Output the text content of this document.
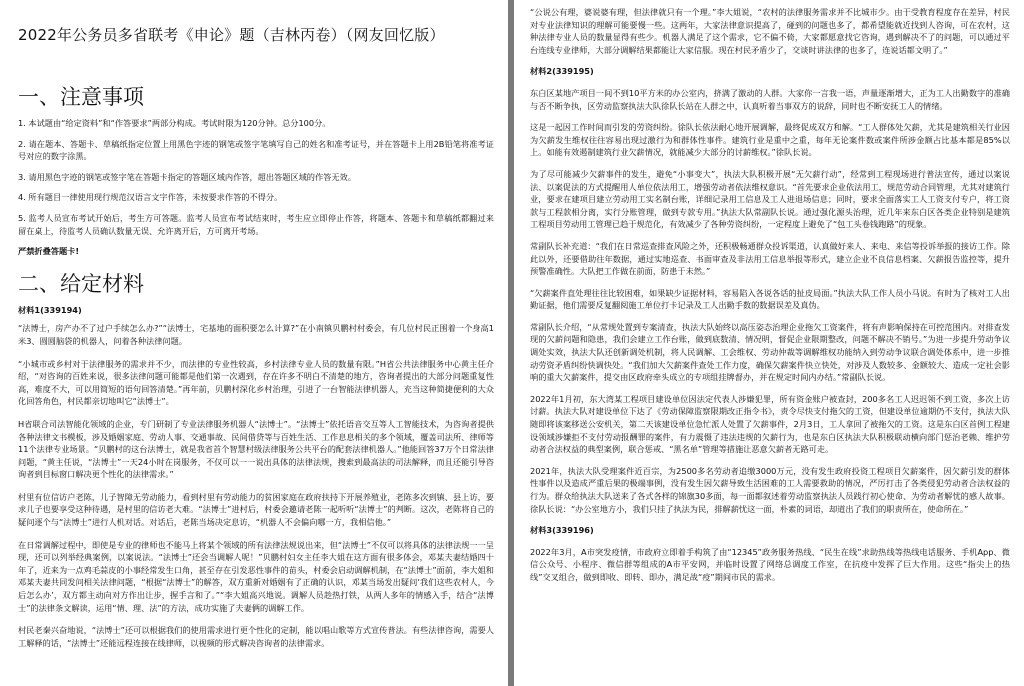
2022年公务员多省联考《申论》题（吉林丙卷）（网友回忆版）
一、注意事项

1. 本试题由“给定资料”和“作答要求”两部分构成。考试时限为120分钟。总分100分。

2. 请在题本、答题卡、草稿纸指定位置上用黑色字迹的钢笔或签字笔填写自己的姓名和准考证号，并在答题卡上用2B铅笔将准考证号对应的数字涂黑。

3. 请用黑色字迹的钢笔或签字笔在答题卡指定的答题区域内作答，超出答题区域的作答无效。

4. 所有题目一律使用现行规范汉语言文字作答，未按要求作答的不得分。

5. 监考人员宣布考试开始后，考生方可答题。监考人员宣布考试结束时，考生应立即停止作答，将题本、答题卡和草稿纸都翻过来留在桌上，待监考人员确认数量无误、允许离开后，方可离开考场。

严禁折叠答题卡!

二、给定材料

材料1(339194)

“法博士，房产办不了过户手续怎么办?”“法博士，宅基地的面积要怎么计算?”在小南镇贝鹏村村委会，有几位村民正围着一个身高1米3、圆圆脑袋的机器人，问着各种法律问题。

“小城市或乡村对于法律服务的需求并不少，而法律的专业性较高，乡村法律专业人员的数量有限。”H省公共法律服务中心黄主任介绍，“对咨询的百姓来说，很多法律问题可能都是他们第一次遇到，存在许多不明白不清楚的地方，咨询者提出的大部分问题重复性高，难度不大，可以用简短的语句回答清楚。”再年前，贝鹏村深化乡村治理，引进了一台智能法律机器人，充当这种简捷便利的大众化回答角色，村民都亲切地叫它“法博士”。

H省联合司法智能化领域的企业，专门研制了专业法律服务机器人“法博士”。“法博士”依托语音交互等人工智能技术，为咨询者提供各种法律文书模板，涉及婚姻家庭、劳动人事、交通事故、民间借贷等与百姓生活、工作息息相关的多个领域，覆盖司法所、律师等11个法律专业场景。“贝鹏村的这台法博士，就是我省首个智慧村级法律服务公共平台的配套法律机器人。”他能回答37万个日常法律问题，“黄主任说，“法博士”一天24小时在岗服务，不仅可以一一说出具体的法律法规，搜索到最高法的司法解释，而且还能引导咨询者到目标窗口解决更个性化的法律需求。”

村里有位信访户老陈，儿子智障无劳动能力，看到村里有劳动能力的贫困家庭在政府扶持下开展养殖业，老陈多次到镇、县上访，要求儿子也要享受这种待遇，是村里的信访老大难。“法博士”进村后，村委会邀请老陈一起听听“法博士”的判断。这次，老陈将自己的疑问逐个与“法博士”进行人机对话。对话后，老陈当场决定息访，“机器人不会偏向哪一方，我相信他。”

在日常调解过程中，即使是专业的律师也不能马上将某个领域的所有法律法规说出来，但“法博士”不仅可以将具体的法律法规一一呈现，还可以列举经典案例，以案说法。“法博士”还会当调解人呢！”贝鹏村妇女主任李大姐在这方面有很多体会，邓某夫妻结婚四十年了，近来为一点鸡毛蒜皮的小事经常发生口角，甚至存在引发恶性事件的苗头，村委会启动调解机制，在“法博士”面前，李大姐和邓某夫妻共同发问相关法律问题，“根据“法博士”的解答，双方重新对婚姻有了正确的认识，邓某当场发出疑问‘我们这些农村人，今后怎么办’，双方都主动向对方作出让步，握手言和了。”“李大姐高兴地说。调解人员趁热打铁，从两人多年的情感入手，结合“法博士”的法律条文解读，运用“情、理、法”的方法，成功实施了夫妻俩的调解工作。

村民老秦兴奋地说，“法博士”还可以根据我们的使用需求进行更个性化的定制，能以唱山歌等方式宣传普法。有些法律咨询，需要人工解释的话，“法博士”还能远程连接在线律师，以视频的形式解决咨询者的法律需求。

“公说公有理，婆说婆有理，但法律就只有一个理。”李大姐说，“农村的法律服务需求并不比城市少。由于受教育程度存在差异，村民对专业法律知识的理解可能要慢一些。这两年，大家法律意识提高了，碰到的问题也多了，都希望能就近找到人咨询，可在农村，这种法律专业人员的数量显得有些少。机器人满足了这个需求，它不偏不倚，大家都愿意找它咨询，遇到解决不了的问题，可以通过平台连线专业律师，大部分调解结果都能让大家信服。现在村民矛盾少了，交谈时讲法律的也多了，连说话都文明了。”

材料2(339195)

东白区某地产项目一间不到10平方米的办公室内，挤满了激动的人群。大家你一言我一语，声量逐渐增大，正为工人出勤数字的准确与否不断争执，区劳动监察执法大队徐队长站在人群之中，认真听着当事双方的说辞，同时也不断安抚工人的情绪。

这是一起因工作时间而引发的劳资纠纷。徐队长依法耐心地开展调解，最终促成双方和解。“工人群体处欠薪，尤其是建筑相关行业因为欠薪发生维权往往容易出现过激行为和群体性事件。建筑行业是重中之重，每年无论案件数或案件所涉金额占比基本都是85%以上。如能有效遏制建筑行业欠薪情况，就能减少大部分的讨薪维权。”徐队长说。

为了尽可能减少欠薪事件的发生，避免“小事变大”，执法大队积极开展“无欠薪行动”，经常到工程现场进行普法宣传，通过以案说法、以案促法的方式提醒用人单位依法用工，增强劳动者依法维权意识。“首先要求企业依法用工，规范劳动合同管理，尤其对建筑行业，要求在建项目建立劳动用工实名制台账，详细记录用工信息及工人进退场信息；同时，要求全面落实工人工资支付专户，将工资款与工程款相分离，实行分账管理，做到专款专用。”执法大队常副队长说。通过强化源头治理，近几年来东白区各类企业特别是建筑工程项目劳动用工管理已趋于规范化，有效减少了各种劳资纠纷，一定程度上避免了“包工头卷钱跑路”的现象。

常副队长补充道：“我们在日常巡查排查风险之外，还积极畅通群众投诉渠道，认真做好来人、来电、来信等投诉举报的接访工作。除此以外，还要借助往年数据，通过实地巡查、书面审查及非法用工信息举报等形式，建立企业不良信息档案、欠薪报告监控等，提升预警准确性。大队把工作做在前面，防患于未然。”

“欠薪案件直处理往往比较困难，如果缺少证据材料，容易陷入各说各话的扯皮局面。”执法大队工作人员小马说。有时为了核对工人出勤证据，他们需要反复翻阅施工单位打卡记录及工人出勤手数的数据误差及真伪。

常副队长介绍，“从常规处置到专案清查，执法大队始终以高压姿态治理企业拖欠工资案件，将有声影响保持在可控范围内。对排查发现的欠薪问题和隐患，我们会建立工作台账，做到底数清、情况明，督促企业限期整改，问题不解决不销号。”为进一步提升劳动争议调处实效，执法大队还创新调处机制，将人民调解、工会维权、劳动仲裁等调解维权功能纳入到劳动争议联合调处体系中，进一步推动劳资矛盾纠纷快调快处。“我们加大欠薪案件查处工作力度，确保欠薪案件快立快处，对涉及人数较多、金额较大、造成一定社会影响的重大欠薪案件，提交由区政府牵头成立的专项组挂牌督办，并在规定时间内办结。”常副队长说。

2022年1月初，东大湾某工程项目建设单位因法定代表人涉嫌犯罪，所有资金账户被查封，200多名工人迟迟领不到工资，多次上访讨薪。执法大队对建设单位下达了《劳动保障监察限期改正指令书》，责令尽快支付拖欠的工资，但建设单位逾期仍不支付，执法大队随即将该案移送公安机关，第二天该建设单位急忙派人处置了欠薪事件，2月3日，工人拿回了被拖欠的工资。这是东白区首例工程建设领域涉嫌拒不支付劳动报酬罪的案件，有力震慑了违法违规的欠薪行为，也是东白区执法大队积极联动横向部门惩治老赖、维护劳动者合法权益的典型案例，联合惩戒、“黑名单”管理等措施让恶意欠薪者无路可走。

2021年，执法大队受理案件近百宗，为2500多名劳动者追缴3000万元，没有发生政府投资工程项目欠薪案件，因欠薪引发的群体性事件以及造成严重后果的极端事例，没有发生因欠薪导致生活困难的工人需要救助的情况，严厉打击了各类侵犯劳动者合法权益的行为。群众给执法大队送来了各式各样的锦旗30多面，每一面都叙述着劳动监察执法人员践行初心使命、为劳动者解忧的感人故事。徐队长说：“办公室地方小，我们只挂了执法为民，排解薪忧这一面，朴素的词语，却道出了我们的职责所在，使命所在。”

材料3(339196)

2022年3月，A市突发疫情，市政府立即着手构筑了由“12345”政务服务热线、“民生在线”求助热线等热线电话服务、手机App、微信公众号、小程序、微信群等组成的A市平安网，并临时设置了网络总调度工作室，在抗疫中发挥了巨大作用。这些“指尖上的热线”交叉组合，做到即收、即转、即办，满足战“疫”期间市民的需求。
